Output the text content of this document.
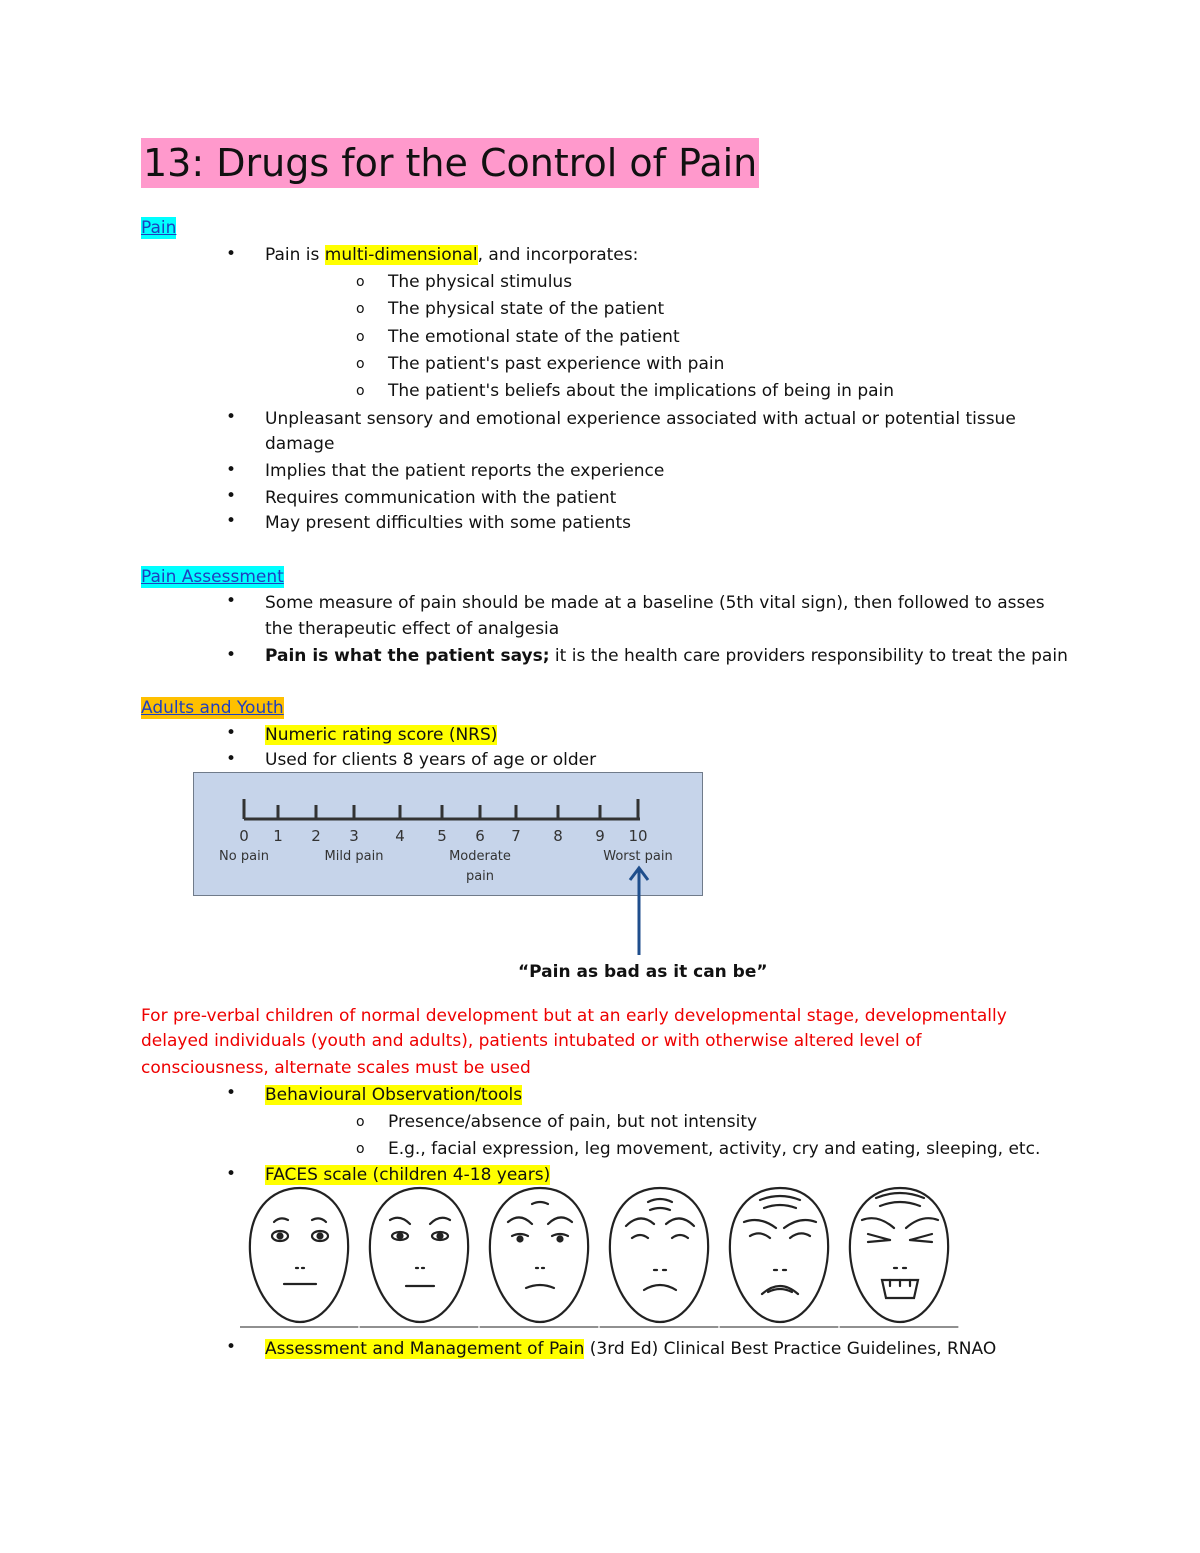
13: Drugs for the Control of Pain
Pain
• Pain is multi-dimensional, and incorporates:
o The physical stimulus
o The physical state of the patient
o The emotional state of the patient
o The patient's past experience with pain
o The patient's beliefs about the implications of being in pain
• Unpleasant sensory and emotional experience associated with actual or potential tissue
damage
• Implies that the patient reports the experience
• Requires communication with the patient
• May present difficulties with some patients
Pain Assessment
• Some measure of pain should be made at a baseline (5th vital sign), then followed to asses
the therapeutic effect of analgesia
• Pain is what the patient says; it is the health care providers responsibility to treat the pain
Adults and Youth
• Numeric rating score (NRS)
• Used for clients 8 years of age or older
0 1 2 3 4 5 6 7 8 9 10
No pain	Mild pain	Moderate
pain
Worst pain
“Pain as bad as it can be”
For pre-verbal children of normal development but at an early developmental stage, developmentally
delayed individuals (youth and adults), patients intubated or with otherwise altered level of
consciousness, alternate scales must be used
• Behavioural Observation/tools
o Presence/absence of pain, but not intensity
o E.g., facial expression, leg movement, activity, cry and eating, sleeping, etc.
• FACES scale (children 4-18 years)
• Assessment and Management of Pain (3rd Ed) Clinical Best Practice Guidelines, RNAO
